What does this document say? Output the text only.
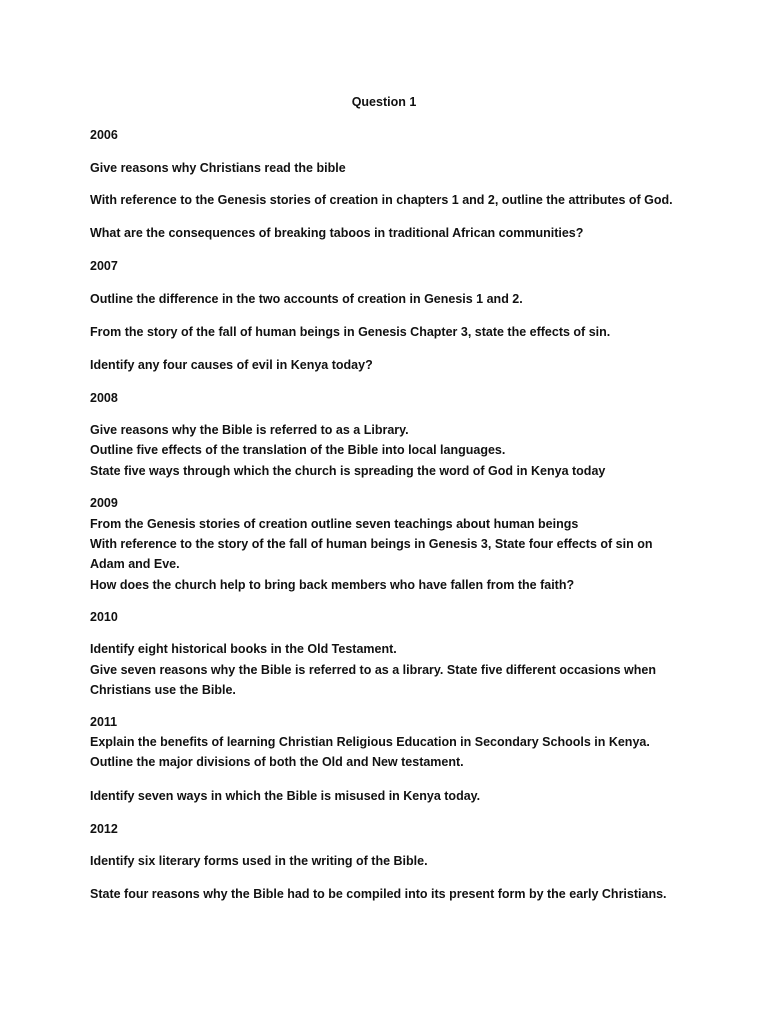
Question 1
2006
Give reasons why Christians read the bible
With reference to the Genesis stories of creation in chapters 1 and 2, outline the attributes of God.
What are the consequences of breaking taboos in traditional African communities?
2007
Outline the difference in the two accounts of creation in Genesis 1 and 2.
From the story of the fall of human beings in Genesis Chapter 3, state the effects of sin.
Identify any four causes of evil in Kenya today?
2008
Give reasons why the Bible is referred to as a Library.
Outline five effects of the translation of the Bible into local languages.
State five ways through which the church is spreading the word of God in Kenya today
2009
From the Genesis stories of creation outline seven teachings about human beings
With reference to the story of the fall of human beings in Genesis 3, State four effects of sin on Adam and Eve.
How does the church help to bring back members who have fallen from the faith?
2010
Identify eight historical books in the Old Testament.
Give seven reasons why the Bible is referred to as a library. State five different occasions when Christians use the Bible.
2011
Explain the benefits of learning Christian Religious Education in Secondary Schools in Kenya.
Outline the major divisions of both the Old and New testament.
Identify seven ways in which the Bible is misused in Kenya today.
2012
Identify six literary forms used in the writing of the Bible.
State four reasons why the Bible had to be compiled into its present form by the early Christians.
